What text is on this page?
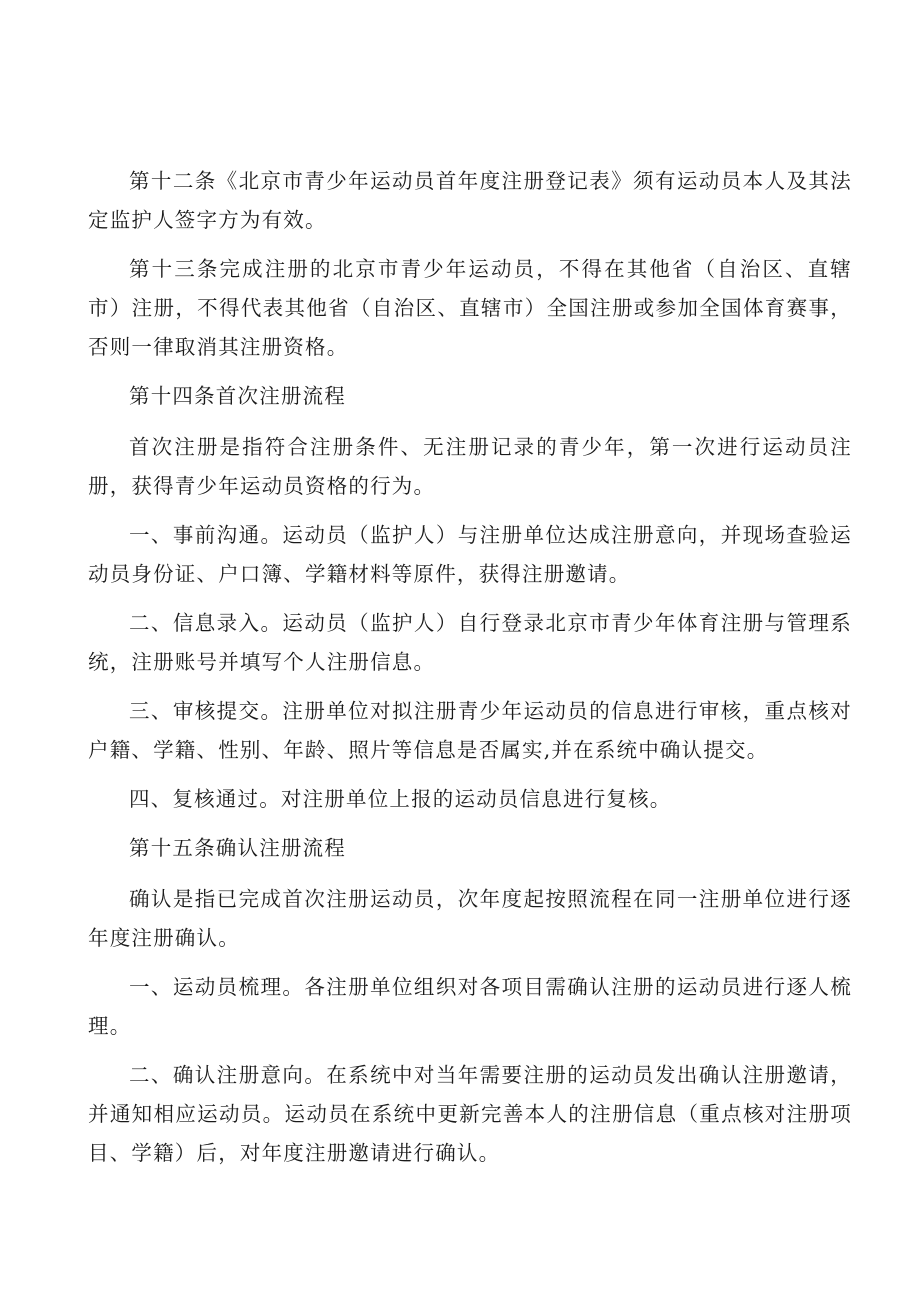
第十二条《北京市青少年运动员首年度注册登记表》须有运动员本人及其法定监护人签字方为有效。

第十三条完成注册的北京市青少年运动员，不得在其他省（自治区、直辖市）注册，不得代表其他省（自治区、直辖市）全国注册或参加全国体育赛事，否则一律取消其注册资格。

第十四条首次注册流程

首次注册是指符合注册条件、无注册记录的青少年，第一次进行运动员注册，获得青少年运动员资格的行为。

一、事前沟通。运动员（监护人）与注册单位达成注册意向，并现场查验运动员身份证、户口簿、学籍材料等原件，获得注册邀请。

二、信息录入。运动员（监护人）自行登录北京市青少年体育注册与管理系统，注册账号并填写个人注册信息。

三、审核提交。注册单位对拟注册青少年运动员的信息进行审核，重点核对户籍、学籍、性别、年龄、照片等信息是否属实,并在系统中确认提交。

四、复核通过。对注册单位上报的运动员信息进行复核。

第十五条确认注册流程

确认是指已完成首次注册运动员，次年度起按照流程在同一注册单位进行逐年度注册确认。

一、运动员梳理。各注册单位组织对各项目需确认注册的运动员进行逐人梳理。

二、确认注册意向。在系统中对当年需要注册的运动员发出确认注册邀请，并通知相应运动员。运动员在系统中更新完善本人的注册信息（重点核对注册项目、学籍）后，对年度注册邀请进行确认。
